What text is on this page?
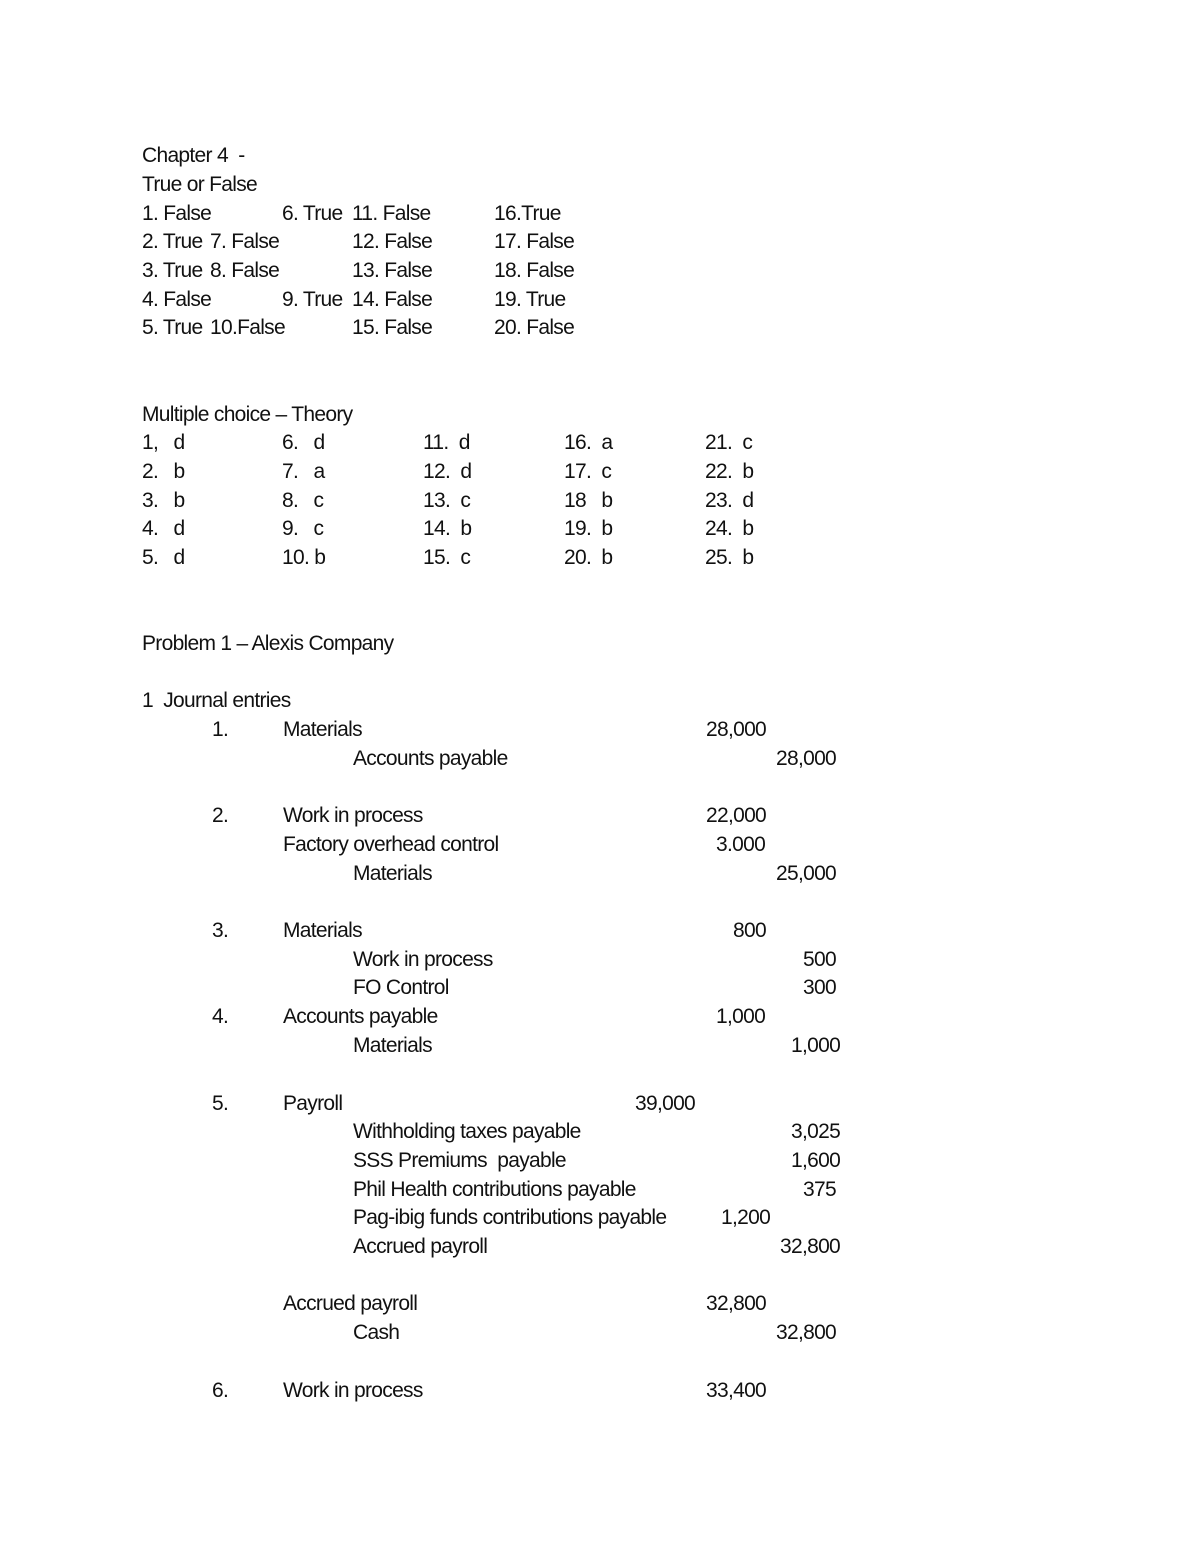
Chapter 4  -
True or False
1. False	6. True 11. False	16.True
2. True 7. False	12. False	17. False
3. True 8. False	13. False	18. False
4. False	9. True 14. False	19. True
5. True 10.False	15. False	20. False
Multiple choice – Theory
1,   d	6.   d	11.  d	16.  a	21.  c
2.   b	7.   a	12.  d	17.  c	22.  b
3.   b	8.   c	13.  c	18   b	23.  d
4.   d	9.   c	14.  b	19.  b	24.  b
5.   d	10. b	15.  c	20.  b	25.  b
Problem 1 – Alexis Company
1  Journal entries
1.	Materials	28,000
Accounts payable	28,000
2.	Work in process	22,000
Factory overhead control	3.000
Materials	25,000
3.	Materials	800
Work in process	500
FO Control	300
4.	Accounts payable	1,000
Materials	1,000
5.	Payroll	39,000
Withholding taxes payable	3,025
SSS Premiums  payable	1,600
Phil Health contributions payable	375
Pag-ibig funds contributions payable	1,200
Accrued payroll	32,800
Accrued payroll	32,800
Cash	32,800
6.	Work in process	33,400
